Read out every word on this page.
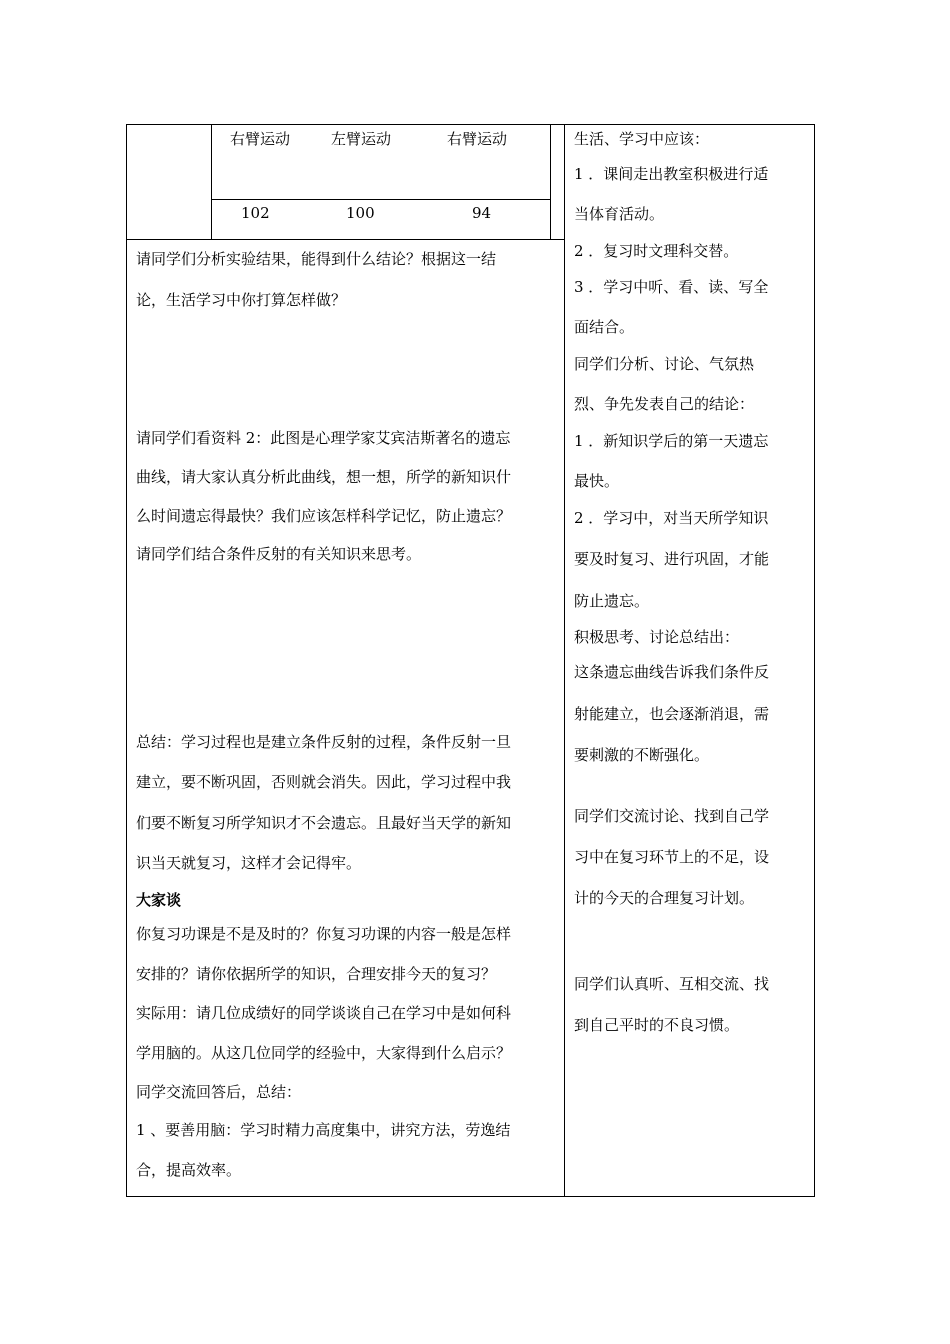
右臂运动	左臂运动	右臂运动
102	100	94
请同学们分析实验结果，能得到什么结论？根据这一结
论，生活学习中你打算怎样做？
请同学们看资料 2：此图是心理学家艾宾洁斯著名的遗忘
曲线，请大家认真分析此曲线，想一想，所学的新知识什
么时间遗忘得最快？我们应该怎样科学记忆，防止遗忘？
请同学们结合条件反射的有关知识来思考。
总结：学习过程也是建立条件反射的过程，条件反射一旦
建立，要不断巩固，否则就会消失。因此，学习过程中我
们要不断复习所学知识才不会遗忘。且最好当天学的新知
识当天就复习，这样才会记得牢。
大家谈
你复习功课是不是及时的？你复习功课的内容一般是怎样
安排的？请你依据所学的知识，合理安排今天的复习？
实际用：请几位成绩好的同学谈谈自己在学习中是如何科
学用脑的。从这几位同学的经验中，大家得到什么启示？
同学交流回答后，总结：
1 、要善用脑：学习时精力高度集中，讲究方法，劳逸结
合，提高效率。
生活、学习中应该：
1 ．课间走出教室积极进行适
当体育活动。
2 ．复习时文理科交替。
3 ．学习中听、看、读、写全
面结合。
同学们分析、讨论、气氛热
烈、争先发表自己的结论：
1 ．新知识学后的第一天遗忘
最快。
2 ．学习中，对当天所学知识
要及时复习、进行巩固，才能
防止遗忘。
积极思考、讨论总结出：
这条遗忘曲线告诉我们条件反
射能建立，也会逐渐消退，需
要刺激的不断强化。
同学们交流讨论、找到自己学
习中在复习环节上的不足，设
计的今天的合理复习计划。
同学们认真听、互相交流、找
到自己平时的不良习惯。
